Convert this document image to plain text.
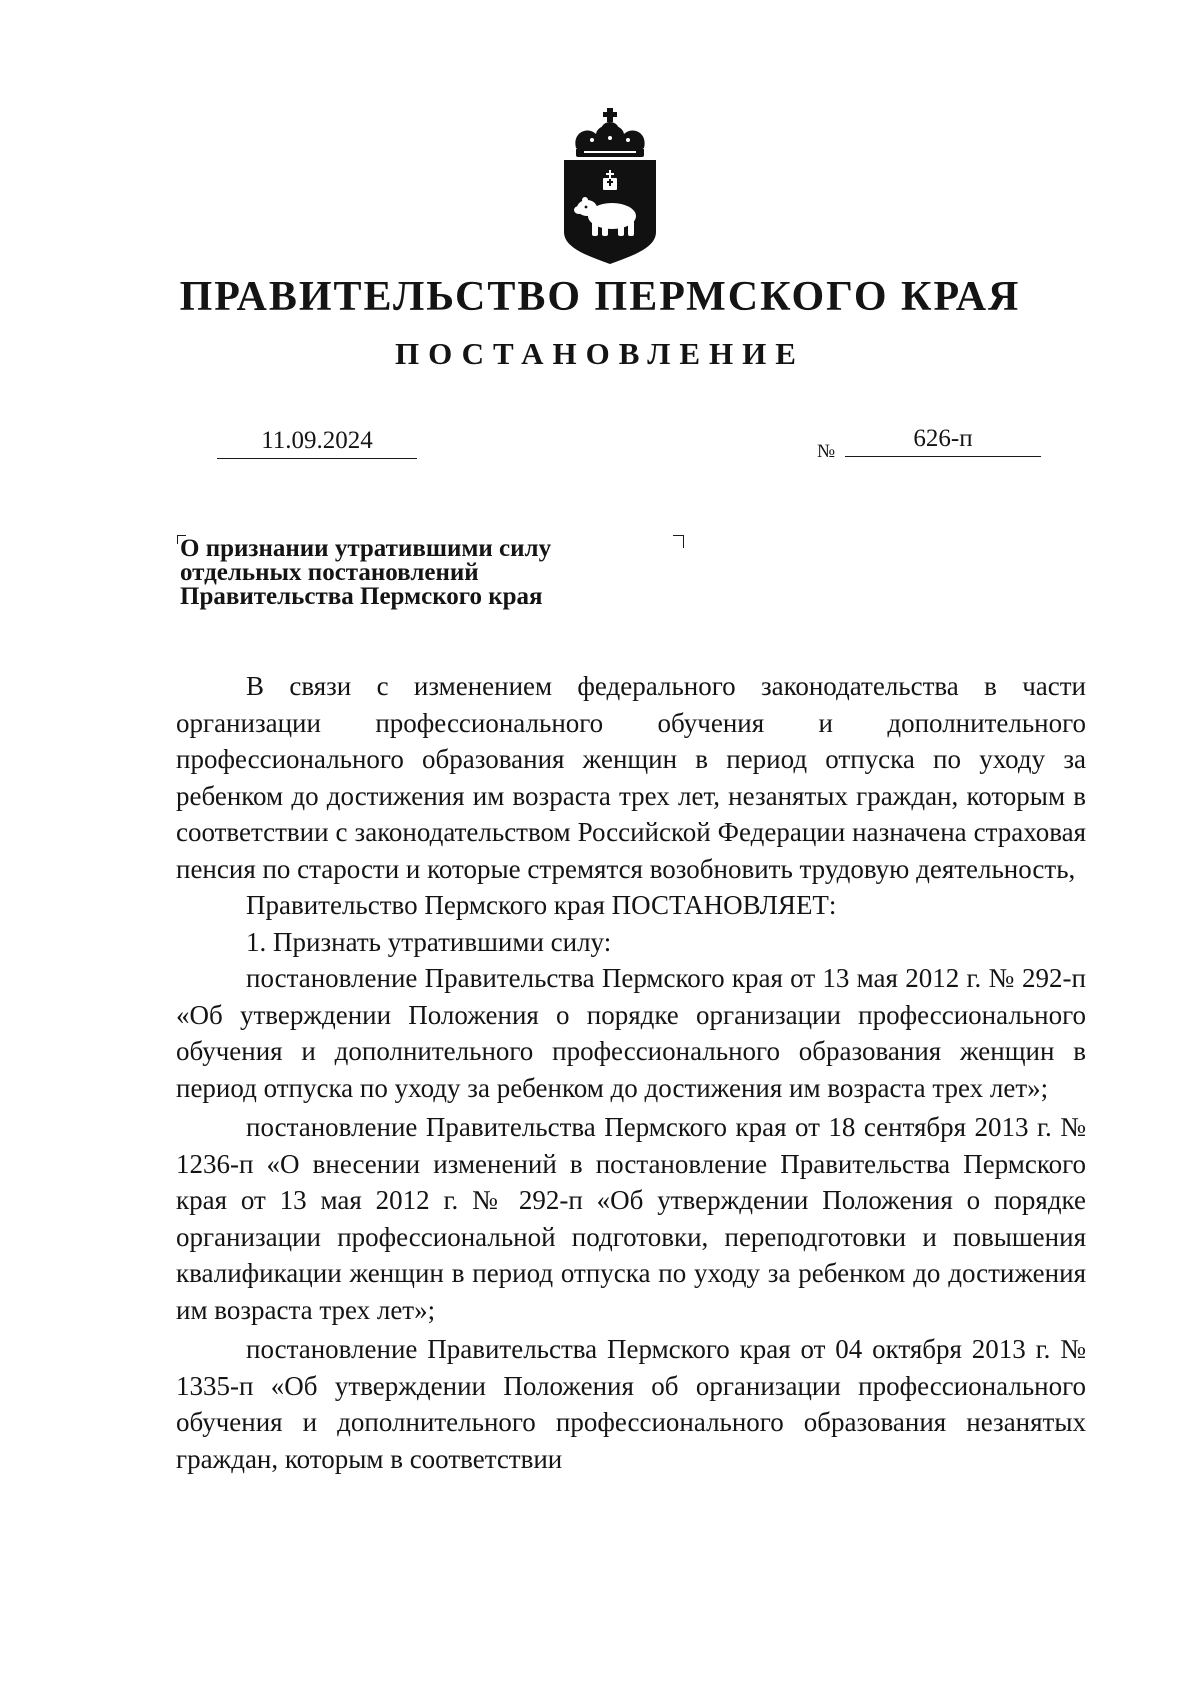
ПРАВИТЕЛЬСТВО ПЕРМСКОГО КРАЯ
ПОСТАНОВЛЕНИЕ
11.09.2024	№	626-п
О признании утратившими силу
отдельных постановлений
Правительства Пермского края

В связи с изменением федерального законодательства в части организации профессионального обучения и дополнительного профессионального образования женщин в период отпуска по уходу за ребенком до достижения им возраста трех лет, незанятых граждан, которым в соответствии с законодательством Российской Федерации назначена страховая пенсия по старости и которые стремятся возобновить трудовую деятельность,

Правительство Пермского края ПОСТАНОВЛЯЕТ:

1. Признать утратившими силу:

постановление Правительства Пермского края от 13 мая 2012 г. № 292-п «Об утверждении Положения о порядке организации профессионального обучения и дополнительного профессионального образования женщин в период отпуска по уходу за ребенком до достижения им возраста трех лет»;

постановление Правительства Пермского края от 18 сентября 2013 г. № 1236-п «О внесении изменений в постановление Правительства Пермского края от 13 мая 2012 г. № 292-п «Об утверждении Положения о порядке организации профессиональной подготовки, переподготовки и повышения квалификации женщин в период отпуска по уходу за ребенком до достижения им возраста трех лет»;

постановление Правительства Пермского края от 04 октября 2013 г. № 1335-п «Об утверждении Положения об организации профессионального обучения и дополнительного профессионального образования незанятых граждан, которым в соответствии
